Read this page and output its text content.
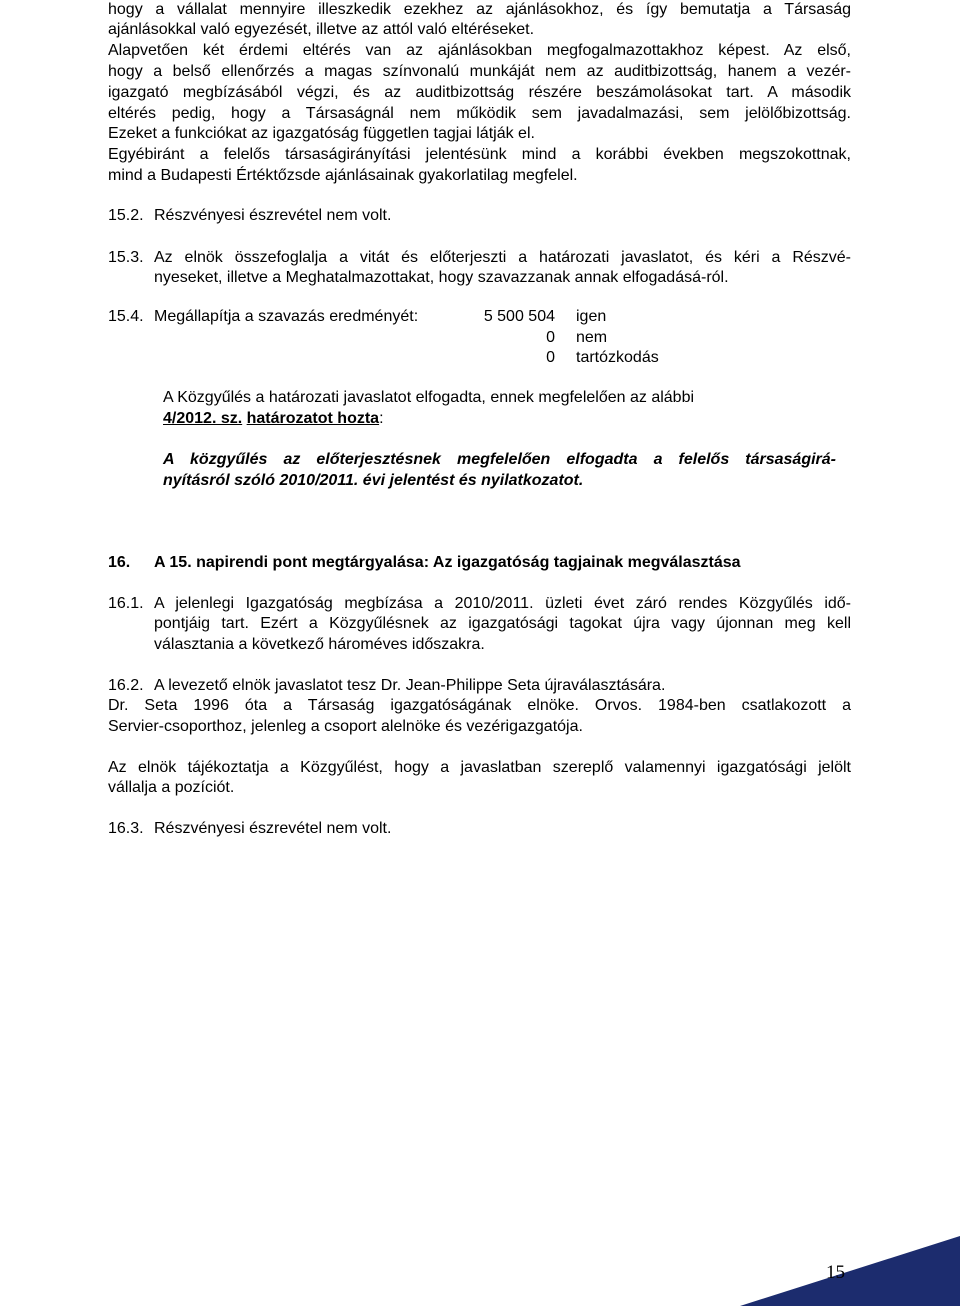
hogy a vállalat mennyire illeszkedik ezekhez az ajánlásokhoz, és így bemutatja a Társaság
ajánlásokkal való egyezését, illetve az attól való eltéréseket.
Alapvetően két érdemi eltérés van az ajánlásokban megfogalmazottakhoz képest. Az első,
hogy a belső ellenőrzés a magas színvonalú munkáját nem az auditbizottság, hanem a vezér-
igazgató megbízásából végzi, és az auditbizottság részére beszámolásokat tart. A második
eltérés pedig, hogy a Társaságnál nem működik sem javadalmazási, sem jelölőbizottság.
Ezeket a funkciókat az igazgatóság független tagjai látják el.
Egyébiránt a felelős társaságirányítási jelentésünk mind a korábbi években megszokottnak,
mind a Budapesti Értéktőzsde ajánlásainak gyakorlatilag megfelel.
15.2. Részvényesi észrevétel nem volt.
15.3. Az elnök összefoglalja a vitát és előterjeszti a határozati javaslatot, és kéri a Részvé-
nyeseket, illetve a Meghatalmazottakat, hogy szavazzanak annak elfogadásá-ról.
15.4. Megállapítja a szavazás eredményét:	5 500 504 igen
0 nem
0 tartózkodás
A Közgyűlés a határozati javaslatot elfogadta, ennek megfelelően az alábbi
4/2012. sz. határozatot hozta:
A közgyűlés az előterjesztésnek megfelelően elfogadta a felelős társaságirá-
nyításról szóló 2010/2011. évi jelentést és nyilatkozatot.
16. A 15. napirendi pont megtárgyalása: Az igazgatóság tagjainak megválasztása
16.1. A jelenlegi Igazgatóság megbízása a 2010/2011. üzleti évet záró rendes Közgyűlés idő-
pontjáig tart. Ezért a Közgyűlésnek az igazgatósági tagokat újra vagy újonnan meg kell
választania a következő hároméves időszakra.
16.2. A levezető elnök javaslatot tesz Dr. Jean-Philippe Seta újraválasztására.
Dr. Seta 1996 óta a Társaság igazgatóságának elnöke. Orvos. 1984-ben csatlakozott a
Servier-csoporthoz, jelenleg a csoport alelnöke és vezérigazgatója.
Az elnök tájékoztatja a Közgyűlést, hogy a javaslatban szereplő valamennyi igazgatósági jelölt
vállalja a pozíciót.
16.3. Részvényesi észrevétel nem volt.
15
